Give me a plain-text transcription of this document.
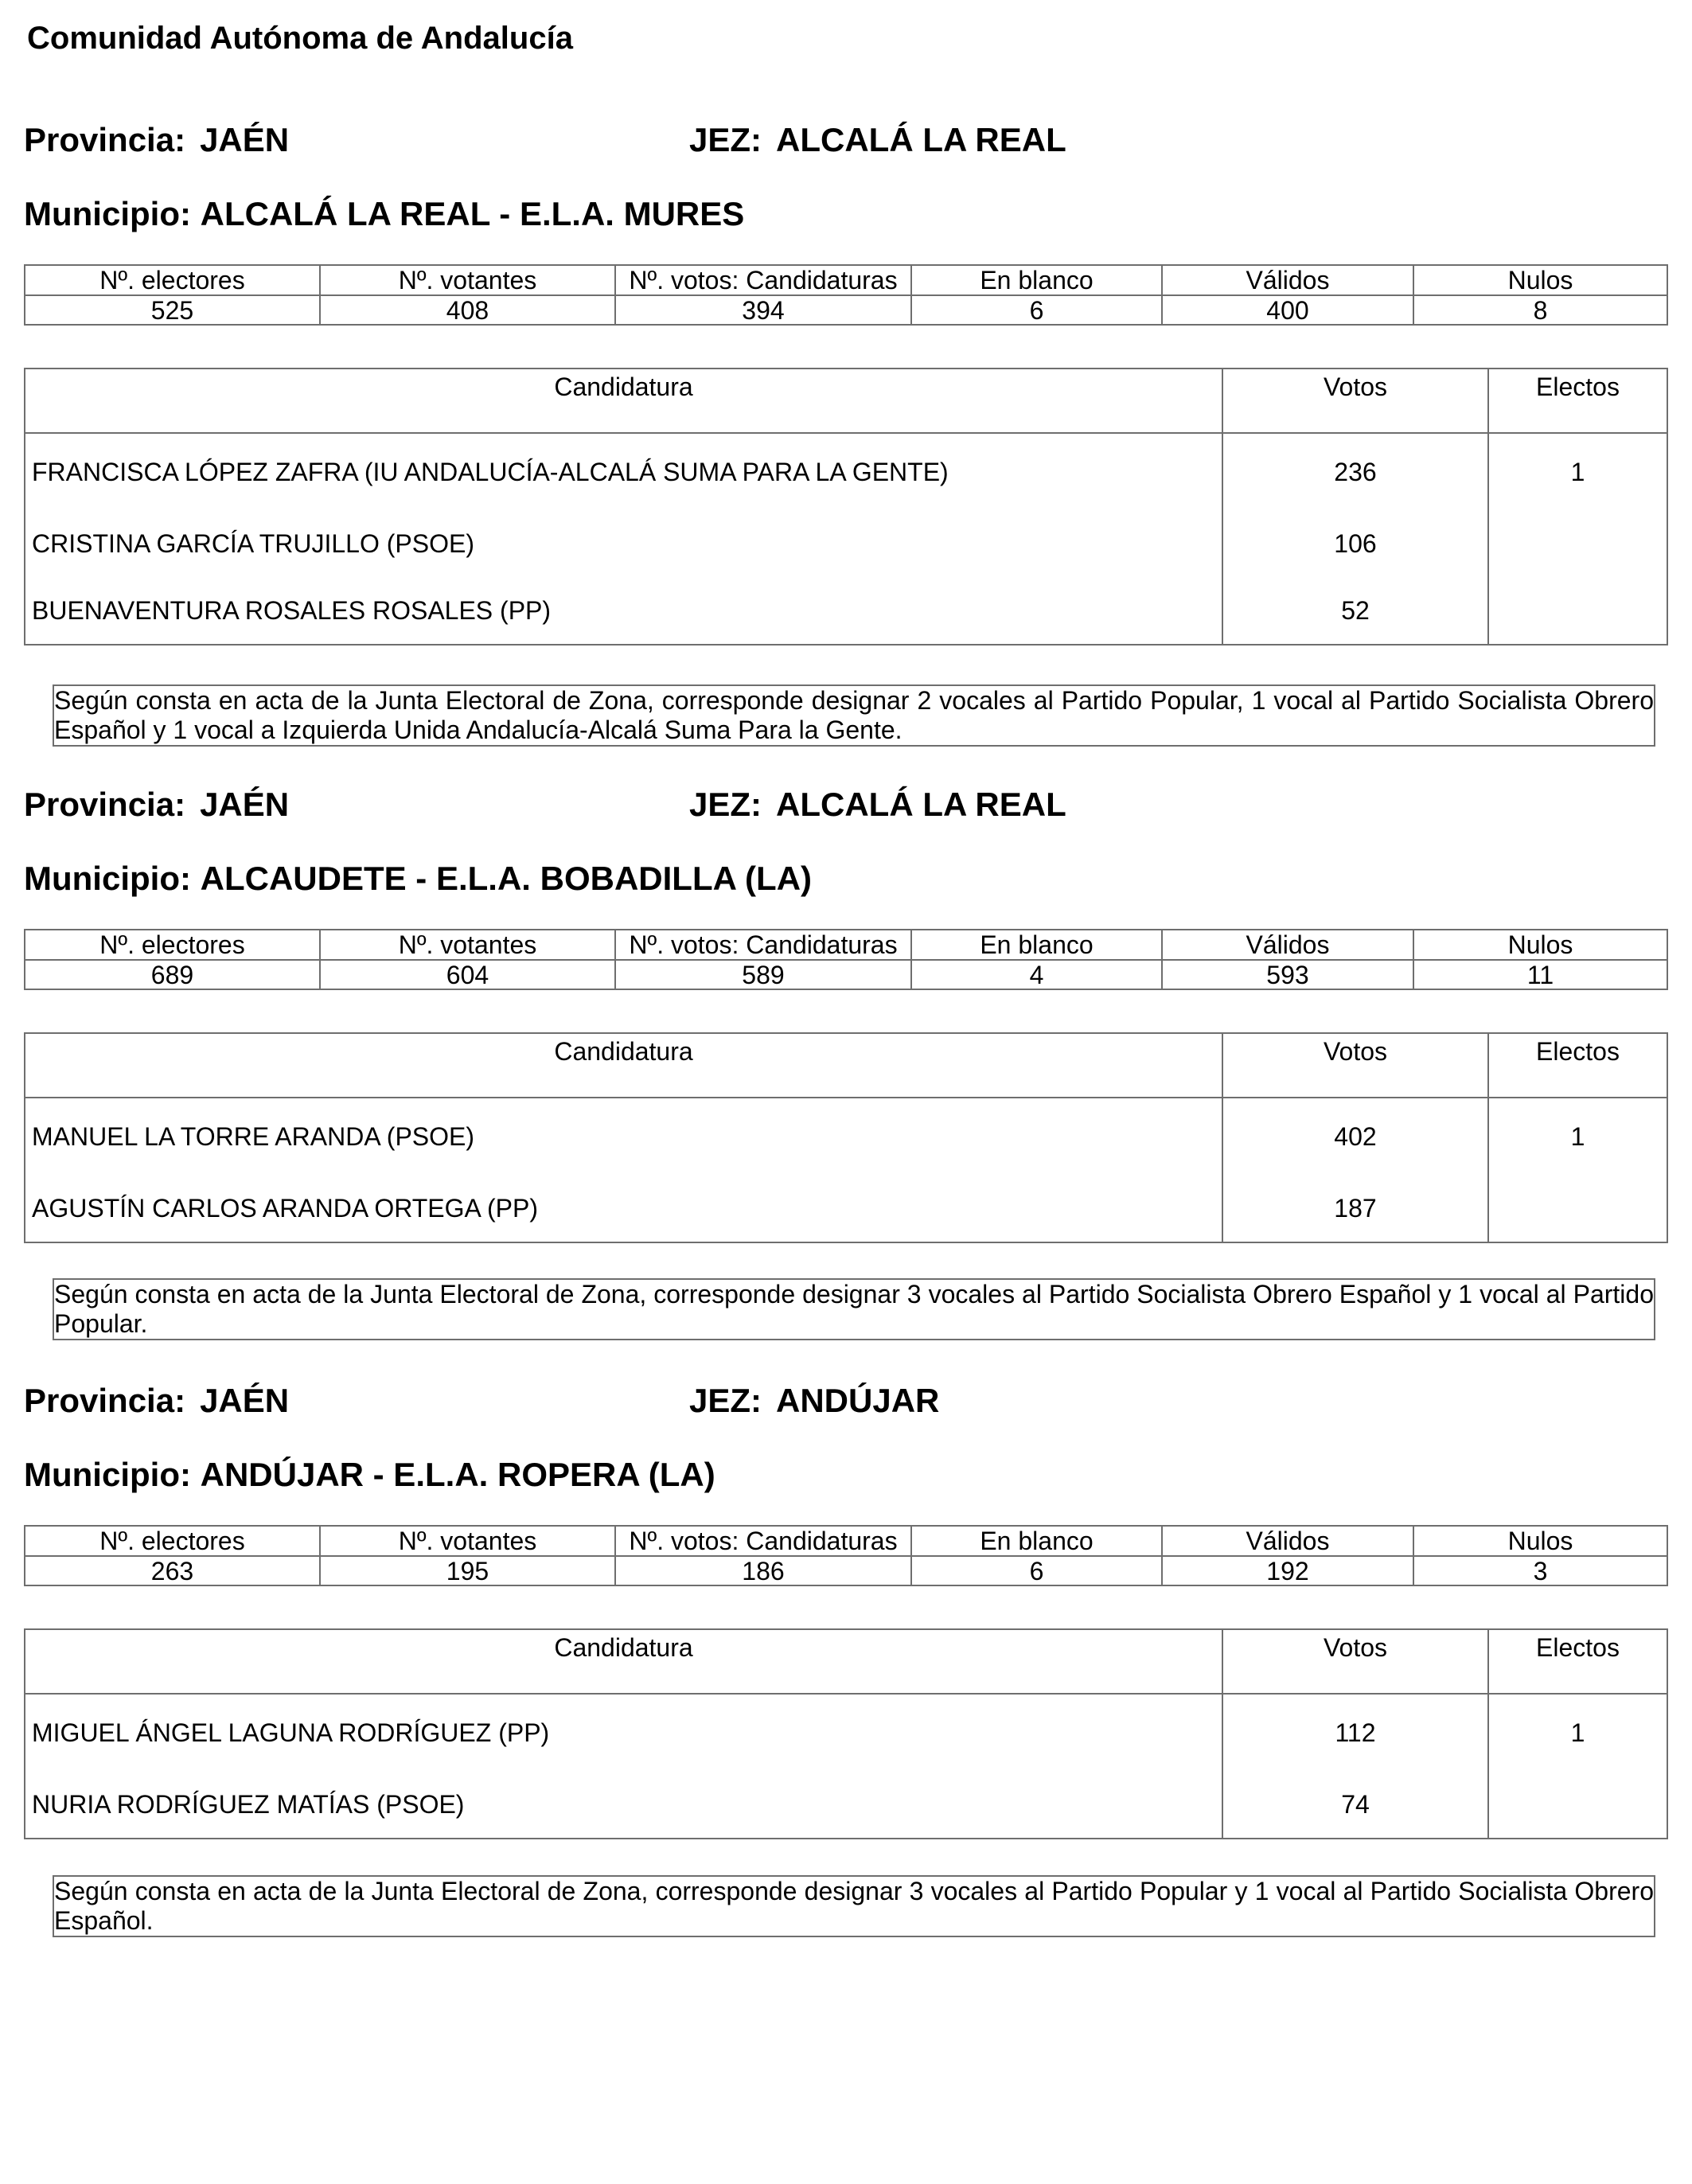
Comunidad Autónoma de Andalucía
Provincia: JAÉN	JEZ: ALCALÁ LA REAL
Municipio: ALCALÁ LA REAL - E.L.A. MURES
Nº. electores	Nº. votantes	Nº. votos: Candidaturas	En blanco	Válidos	Nulos
525	408	394	6	400	8
Candidatura	Votos	Electos
FRANCISCA LÓPEZ ZAFRA (IU ANDALUCÍA-ALCALÁ SUMA PARA LA GENTE)	236	1
CRISTINA GARCÍA TRUJILLO (PSOE)	106	
BUENAVENTURA ROSALES ROSALES (PP)	52	
Según consta en acta de la Junta Electoral de Zona, corresponde designar 2 vocales al Partido Popular, 1 vocal al Partido Socialista Obrero Español y 1 vocal a Izquierda Unida Andalucía-Alcalá Suma Para la Gente.
Provincia: JAÉN	JEZ: ALCALÁ LA REAL
Municipio: ALCAUDETE - E.L.A. BOBADILLA (LA)
Nº. electores	Nº. votantes	Nº. votos: Candidaturas	En blanco	Válidos	Nulos
689	604	589	4	593	11
Candidatura	Votos	Electos
MANUEL LA TORRE ARANDA (PSOE)	402	1
AGUSTÍN CARLOS ARANDA ORTEGA (PP)	187	
Según consta en acta de la Junta Electoral de Zona, corresponde designar 3 vocales al Partido Socialista Obrero Español y 1 vocal al Partido Popular.
Provincia: JAÉN	JEZ: ANDÚJAR
Municipio: ANDÚJAR - E.L.A. ROPERA (LA)
Nº. electores	Nº. votantes	Nº. votos: Candidaturas	En blanco	Válidos	Nulos
263	195	186	6	192	3
Candidatura	Votos	Electos
MIGUEL ÁNGEL LAGUNA RODRÍGUEZ (PP)	112	1
NURIA RODRÍGUEZ MATÍAS (PSOE)	74	
Según consta en acta de la Junta Electoral de Zona, corresponde designar 3 vocales al Partido Popular y 1 vocal al Partido Socialista Obrero Español.
